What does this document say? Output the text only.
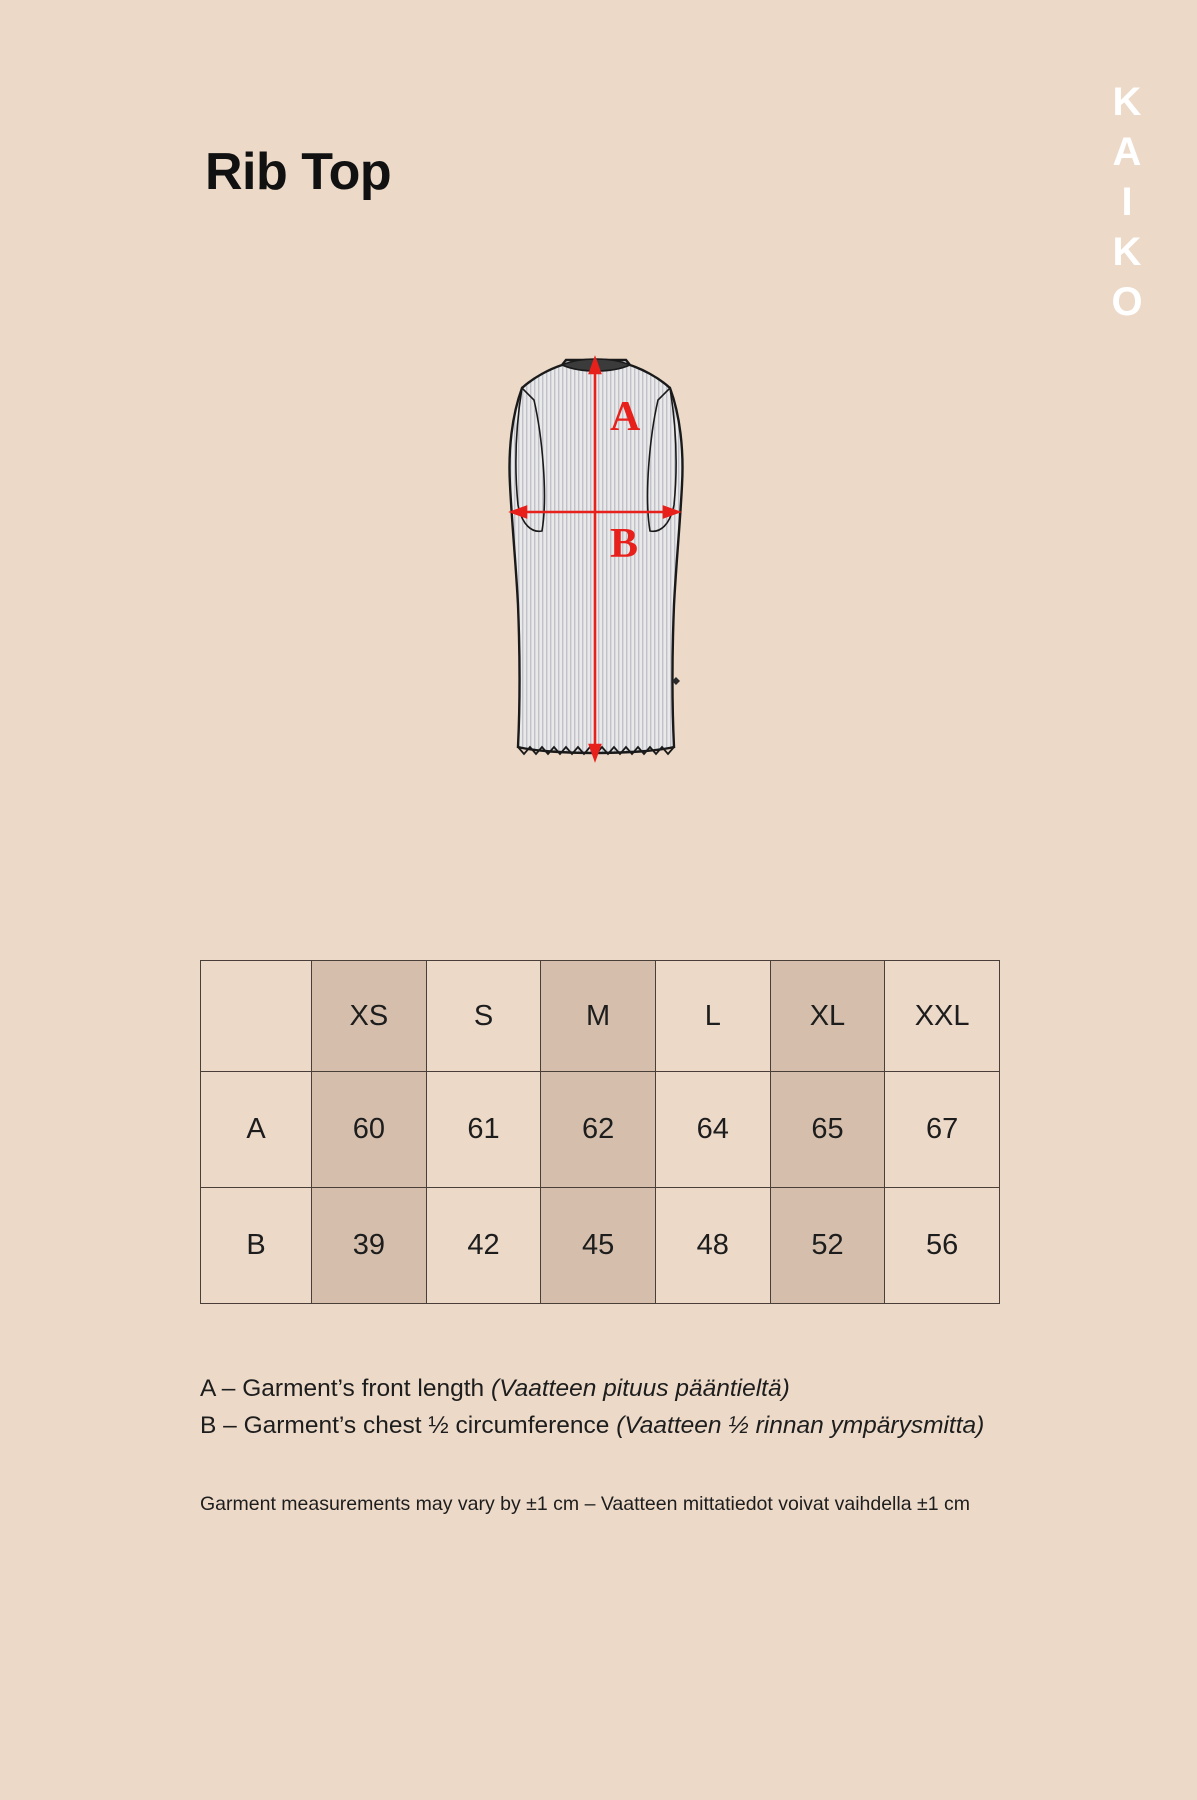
KAIKO
Rib Top
A
B
	XS	S	M	L	XL	XXL
A	60	61	62	64	65	67
B	39	42	45	48	52	56
A – Garment’s front length (Vaatteen pituus pääntieltä)
B – Garment’s chest ½ circumference (Vaatteen ½ rinnan ympärysmitta)
Garment measurements may vary by ±1 cm – Vaatteen mittatiedot voivat vaihdella ±1 cm
